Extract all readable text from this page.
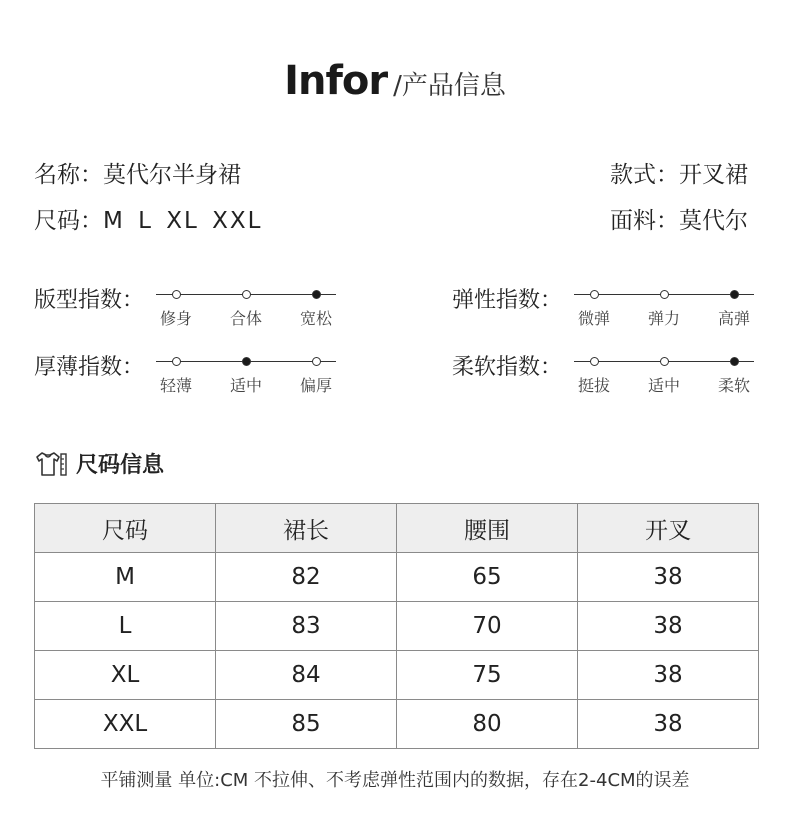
Infor /产品信息
名称：莫代尔半身裙	款式：开叉裙
尺码：M L XL XXL	面料：莫代尔
版型指数：
修身 合体 宽松
弹性指数：
微弹 弹力 高弹
厚薄指数：
轻薄 适中 偏厚
柔软指数：
挺拔 适中 柔软
尺码信息
尺码	裙长	腰围	开叉
M	82	65	38
L	83	70	38
XL	84	75	38
XXL	85	80	38
平铺测量 单位:CM 不拉伸、不考虑弹性范围内的数据，存在2-4CM的误差
